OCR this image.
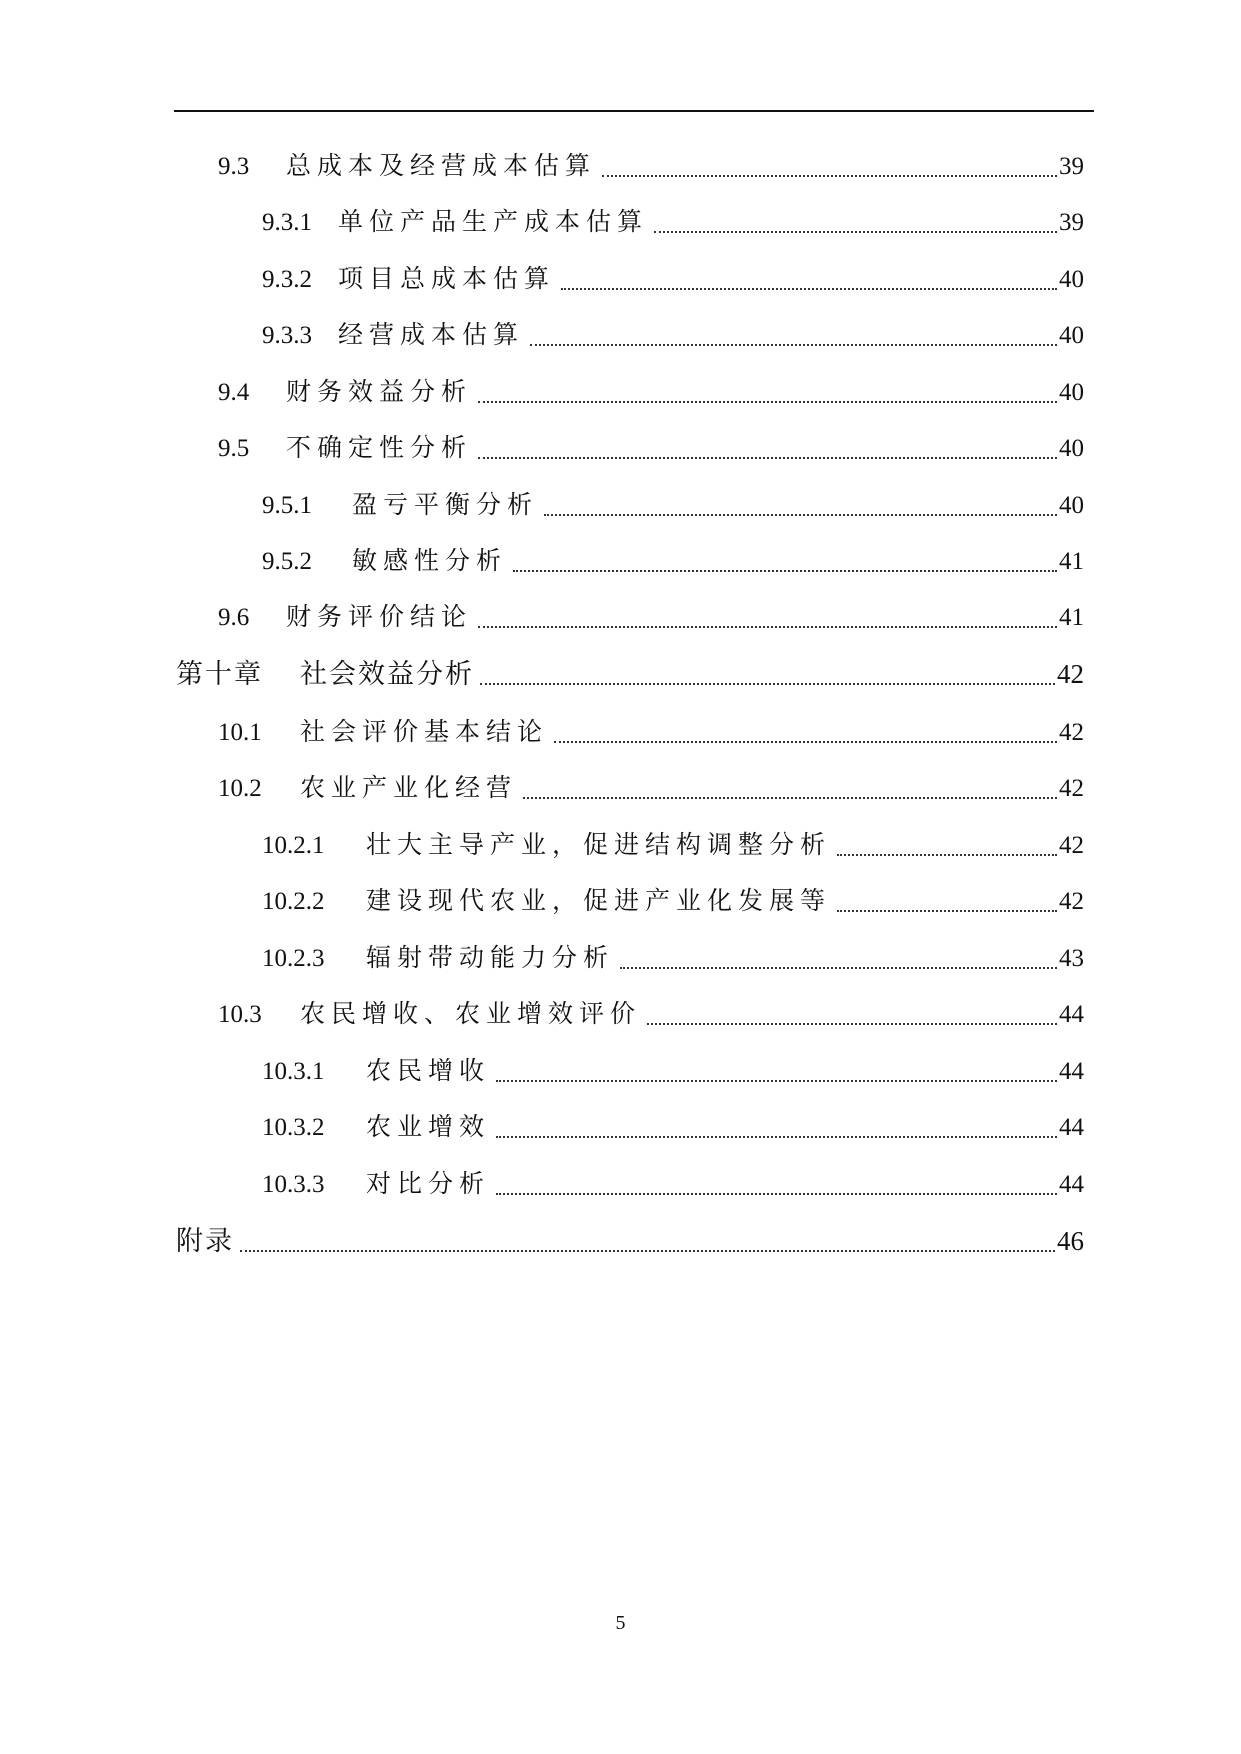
9.3	总成本及经营成本估算	39
9.3.1	单位产品生产成本估算	39
9.3.2	项目总成本估算	40
9.3.3	经营成本估算	40
9.4	财务效益分析	40
9.5	不确定性分析	40
9.5.1	盈亏平衡分析	40
9.5.2	敏感性分析	41
9.6	财务评价结论	41
第十章	社会效益分析	42
10.1	社会评价基本结论	42
10.2	农业产业化经营	42
10.2.1	壮大主导产业，促进结构调整分析	42
10.2.2	建设现代农业，促进产业化发展等	42
10.2.3	辐射带动能力分析	43
10.3	农民增收、农业增效评价	44
10.3.1	农民增收	44
10.3.2	农业增效	44
10.3.3	对比分析	44
附录	46
5
